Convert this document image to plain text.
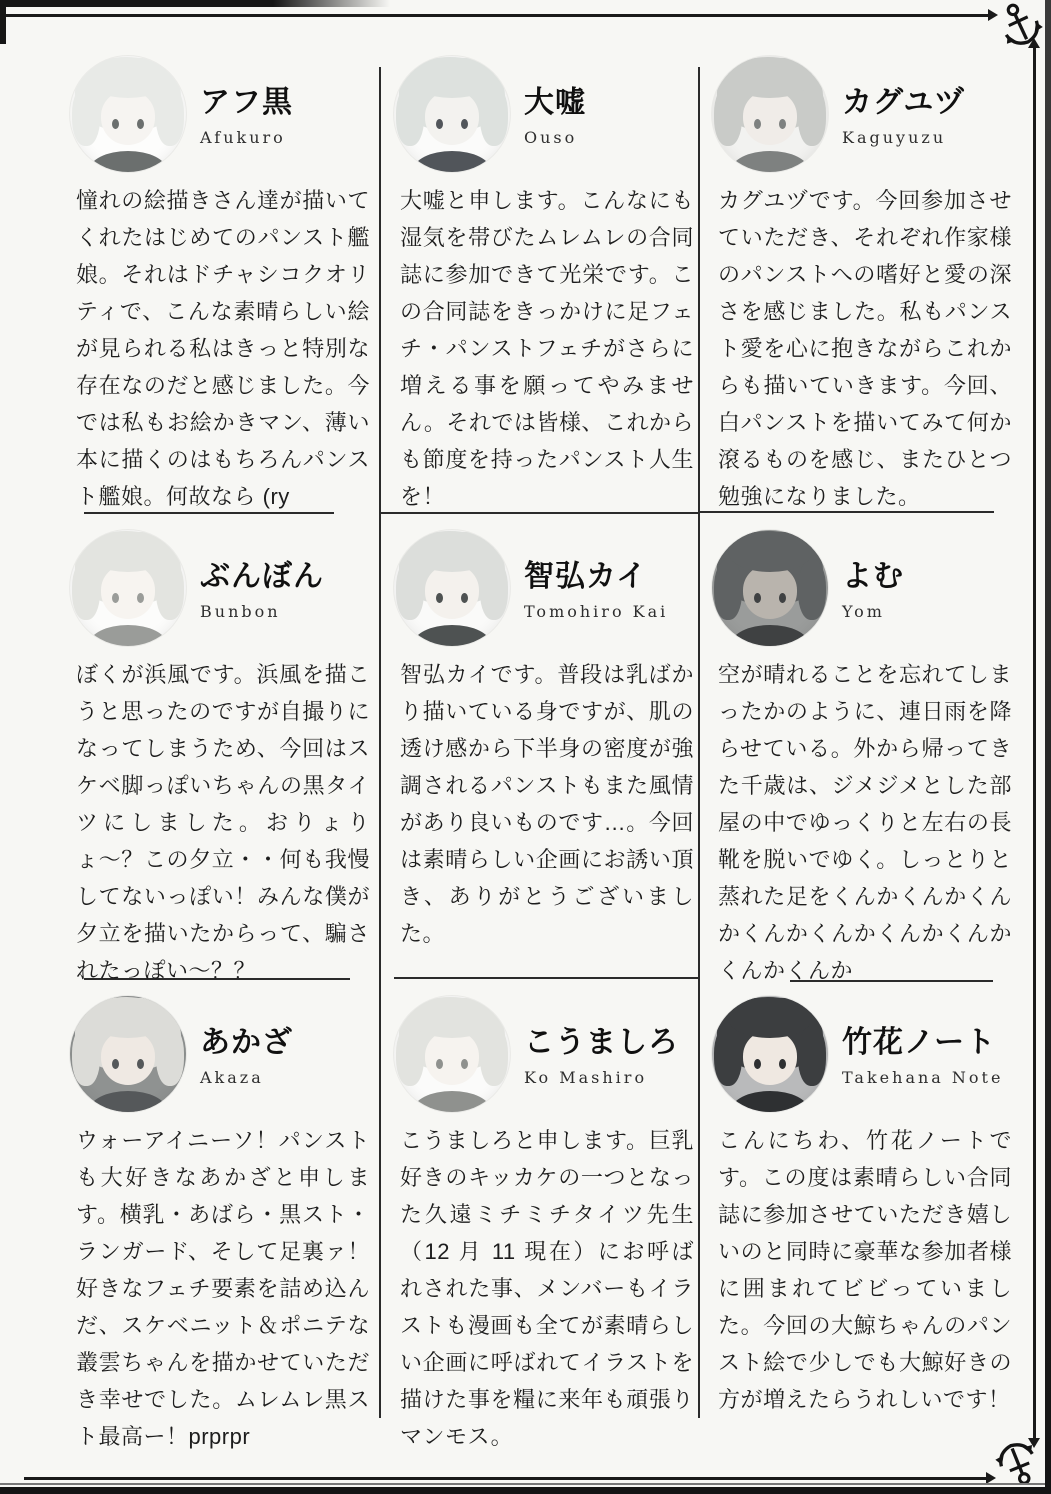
アフ黒
Afukuro

憧れの絵描きさん達が描いてくれたはじめてのパンスト艦娘。それはドチャシコクオリティで、こんな素晴らしい絵が見られる私はきっと特別な存在なのだと感じました。今では私もお絵かきマン、薄い本に描くのはもちろんパンスト艦娘。何故なら (ry

大嘘
Ouso

大嘘と申します。こんなにも湿気を帯びたムレムレの合同誌に参加できて光栄です。この合同誌をきっかけに足フェチ・パンストフェチがさらに増える事を願ってやみません。それでは皆様、これからも節度を持ったパンスト人生を！

カグユヅ
Kaguyuzu

カグユヅです。今回参加させていただき、それぞれ作家様のパンストへの嗜好と愛の深さを感じました。私もパンスト愛を心に抱きながらこれからも描いていきます。今回、白パンストを描いてみて何か滾るものを感じ、またひとつ勉強になりました。

ぶんぼん
Bunbon

ぼくが浜風です。浜風を描こうと思ったのですが自撮りになってしまうため、今回はスケベ脚っぽいちゃんの黒タイツにしました。おりょりょ〜？この夕立・・何も我慢してないっぽい！みんな僕が夕立を描いたからって、騙されたっぽい〜？？

智弘カイ
Tomohiro Kai

智弘カイです。普段は乳ばかり描いている身ですが、肌の透け感から下半身の密度が強調されるパンストもまた風情があり良いものです…。今回は素晴らしい企画にお誘い頂き、ありがとうございました。

よむ
Yom

空が晴れることを忘れてしまったかのように、連日雨を降らせている。外から帰ってきた千歳は、ジメジメとした部屋の中でゆっくりと左右の長靴を脱いでゆく。しっとりと蒸れた足をくんかくんかくんかくんかくんかくんかくんかくんかくんか

あかざ
Akaza

ウォーアイニーソ！パンストも大好きなあかざと申します。横乳・あばら・黒スト・ランガード、そして足裏ァ！好きなフェチ要素を詰め込んだ、スケベニット＆ポニテな叢雲ちゃんを描かせていただき幸せでした。ムレムレ黒スト最高ー！prprpr

こうましろ
Ko Mashiro

こうましろと申します。巨乳好きのキッカケの一つとなった久遠ミチミチタイツ先生（12 月 11 現在）にお呼ばれされた事、メンバーもイラストも漫画も全てが素晴らしい企画に呼ばれてイラストを描けた事を糧に来年も頑張りマンモス。

竹花ノート
Takehana Note

こんにちわ、竹花ノートです。この度は素晴らしい合同誌に参加させていただき嬉しいのと同時に豪華な参加者様に囲まれてビビっていました。今回の大鯨ちゃんのパンスト絵で少しでも大鯨好きの方が増えたらうれしいです！
